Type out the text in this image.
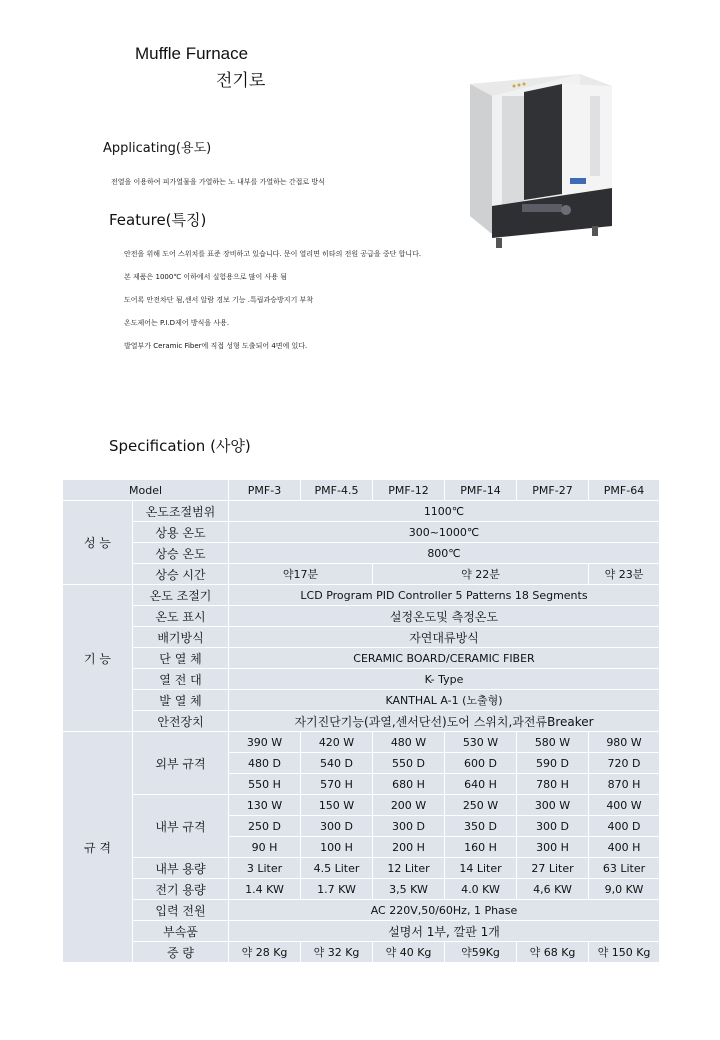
Muffle Furnace
전기로
Applicating(용도)
전열을 이용하여 피가열물을 가열하는 노 내부를 가열하는 간접로 방식
Feature(특징)
안전을 위해 도어 스위치를 표준 장비하고 있습니다. 문이 열리면 히타의 전원 공급을 중단 합니다.
본 제품은 1000℃ 이하에서 실험용으로 많이 사용 됨
도어록 안전차단 됨,센서 알람 경보 기능 .특립과승방지기 부착
온도제어는 P.I.D제어 방식을 사용.
발열부가 Ceramic Fiber에 직접 성형 도출되어 4면에 있다.
Specification (사양)
Model		PMF-3	PMF-4.5	PMF-12	PMF-14	PMF-27	PMF-64
성 능	온도조절범위	1100℃					
	상용 온도	300~1000℃					
	상승 온도	800℃					
	상승 시간	약17분		약 22분			약 23분
기 능	온도 조절기	LCD Program PID Controller 5 Patterns 18 Segments					
	온도 표시	설정온도및 측정온도					
	배기방식	자연대류방식					
	단 열 체	CERAMIC BOARD/CERAMIC FIBER					
	열 전 대	K- Type					
	발 열 체	KANTHAL A-1 (노출형)					
	안전장치	자기진단기능(과열,센서단선)도어 스위치,과전류Breaker					
규 격	외부 규격	390 W	420 W	480 W	530 W	580 W	980 W
		480 D	540 D	550 D	600 D	590 D	720 D
		550 H	570 H	680 H	640 H	780 H	870 H
	내부 규격	130 W	150 W	200 W	250 W	300 W	400 W
		250 D	300 D	300 D	350 D	300 D	400 D
		90 H	100 H	200 H	160 H	300 H	400 H
	내부 용량	3 Liter	4.5 Liter	12 Liter	14 Liter	27 Liter	63 Liter
	전기 용량	1.4 KW	1.7 KW	3,5 KW	4.0 KW	4,6 KW	9,0 KW
	입력 전원	AC 220V,50/60Hz, 1 Phase					
	부속품	설명서 1부, 깔판 1개					
	중 량	약 28 Kg	약 32 Kg	약 40 Kg	약59Kg	약 68 Kg	약 150 Kg
